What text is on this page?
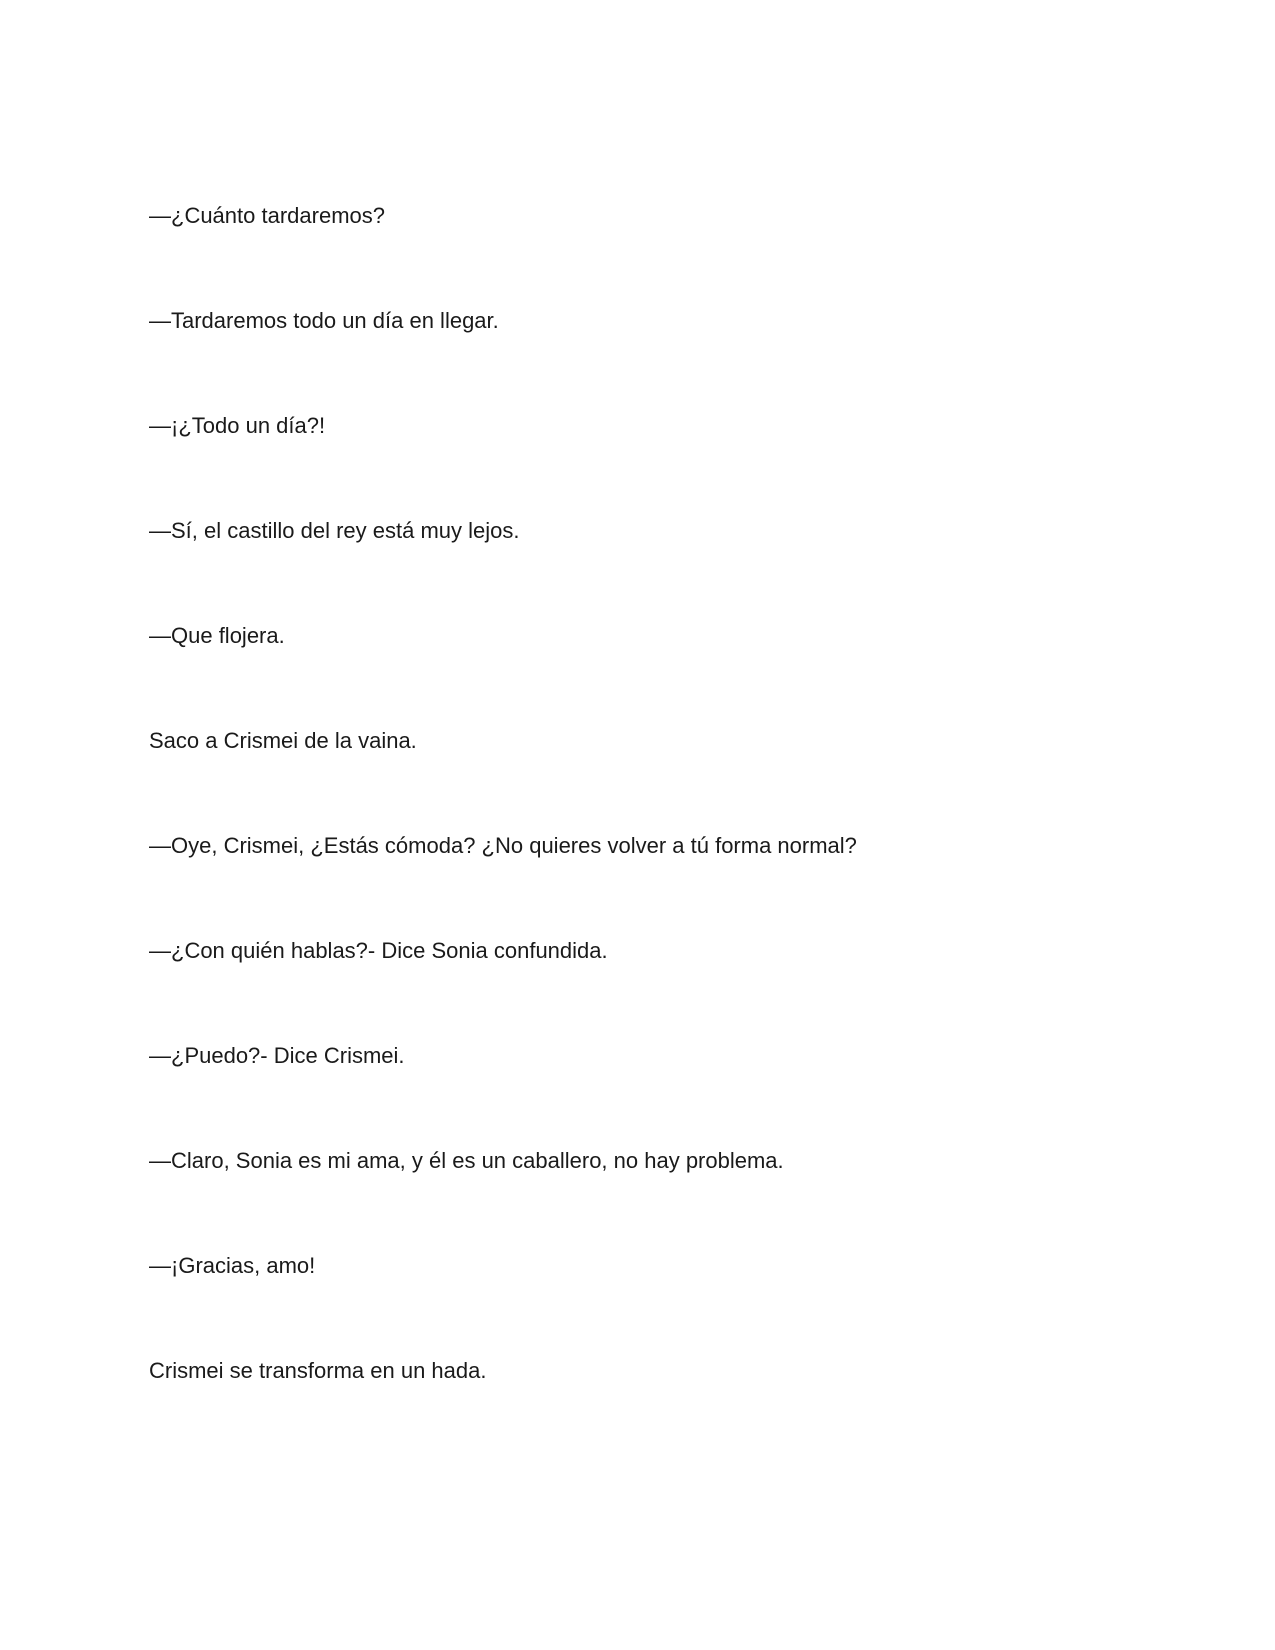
—¿Cuánto tardaremos?

—Tardaremos todo un día en llegar.

—¡¿Todo un día?!

—Sí, el castillo del rey está muy lejos.

—Que flojera.

Saco a Crismei de la vaina.

—Oye, Crismei, ¿Estás cómoda? ¿No quieres volver a tú forma normal?

—¿Con quién hablas?- Dice Sonia confundida.

—¿Puedo?- Dice Crismei.

—Claro, Sonia es mi ama, y él es un caballero, no hay problema.

—¡Gracias, amo!

Crismei se transforma en un hada.
